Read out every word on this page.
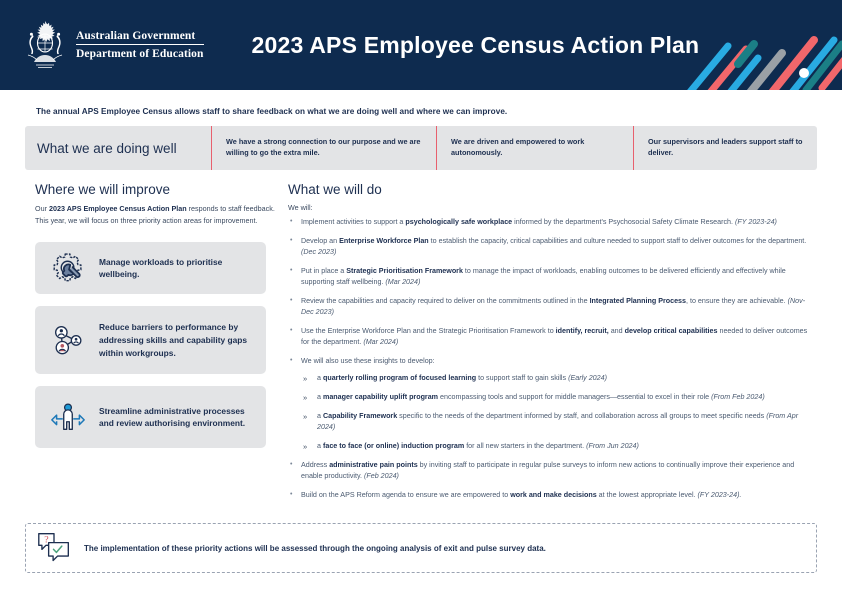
Australian Government
Department of Education 2023 APS Employee Census Action Plan
The annual APS Employee Census allows staff to share feedback on what we are doing well and where we can improve.
What we are doing well	We have a strong connection to our purpose and we are willing to go the extra mile.
We are driven and empowered to work autonomously.
Our supervisors and leaders support staff to deliver.
Where we will improve
Our 2023 APS Employee Census Action Plan responds to staff feedback. This year, we will focus on three priority action areas for improvement.
Manage workloads to prioritise wellbeing.
Reduce barriers to performance by addressing skills and capability gaps within workgroups.
Streamline administrative processes and review authorising environment.
What we will do
We will:
• Implement activities to support a psychologically safe workplace informed by the department's Psychosocial Safety Climate Research. (FY 2023-24)
• Develop an Enterprise Workforce Plan to establish the capacity, critical capabilities and culture needed to support staff to deliver outcomes for the department. (Dec 2023)
• Put in place a Strategic Prioritisation Framework to manage the impact of workloads, enabling outcomes to be delivered efficiently and effectively while supporting staff wellbeing. (Mar 2024)
• Review the capabilities and capacity required to deliver on the commitments outlined in the Integrated Planning Process, to ensure they are achievable. (Nov-Dec 2023)
• Use the Enterprise Workforce Plan and the Strategic Prioritisation Framework to identify, recruit, and develop critical capabilities needed to deliver outcomes for the department. (Mar 2024)
• We will also use these insights to develop:
» a quarterly rolling program of focused learning to support staff to gain skills (Early 2024)
» a manager capability uplift program encompassing tools and support for middle managers—essential to excel in their role (From Feb 2024)
» a Capability Framework specific to the needs of the department informed by staff, and collaboration across all groups to meet specific needs (From Apr 2024)
» a face to face (or online) induction program for all new starters in the department. (From Jun 2024)
• Address administrative pain points by inviting staff to participate in regular pulse surveys to inform new actions to continually improve their experience and enable productivity. (Feb 2024)
• Build on the APS Reform agenda to ensure we are empowered to work and make decisions at the lowest appropriate level. (FY 2023-24).
?
The implementation of these priority actions will be assessed through the ongoing analysis of exit and pulse survey data.
